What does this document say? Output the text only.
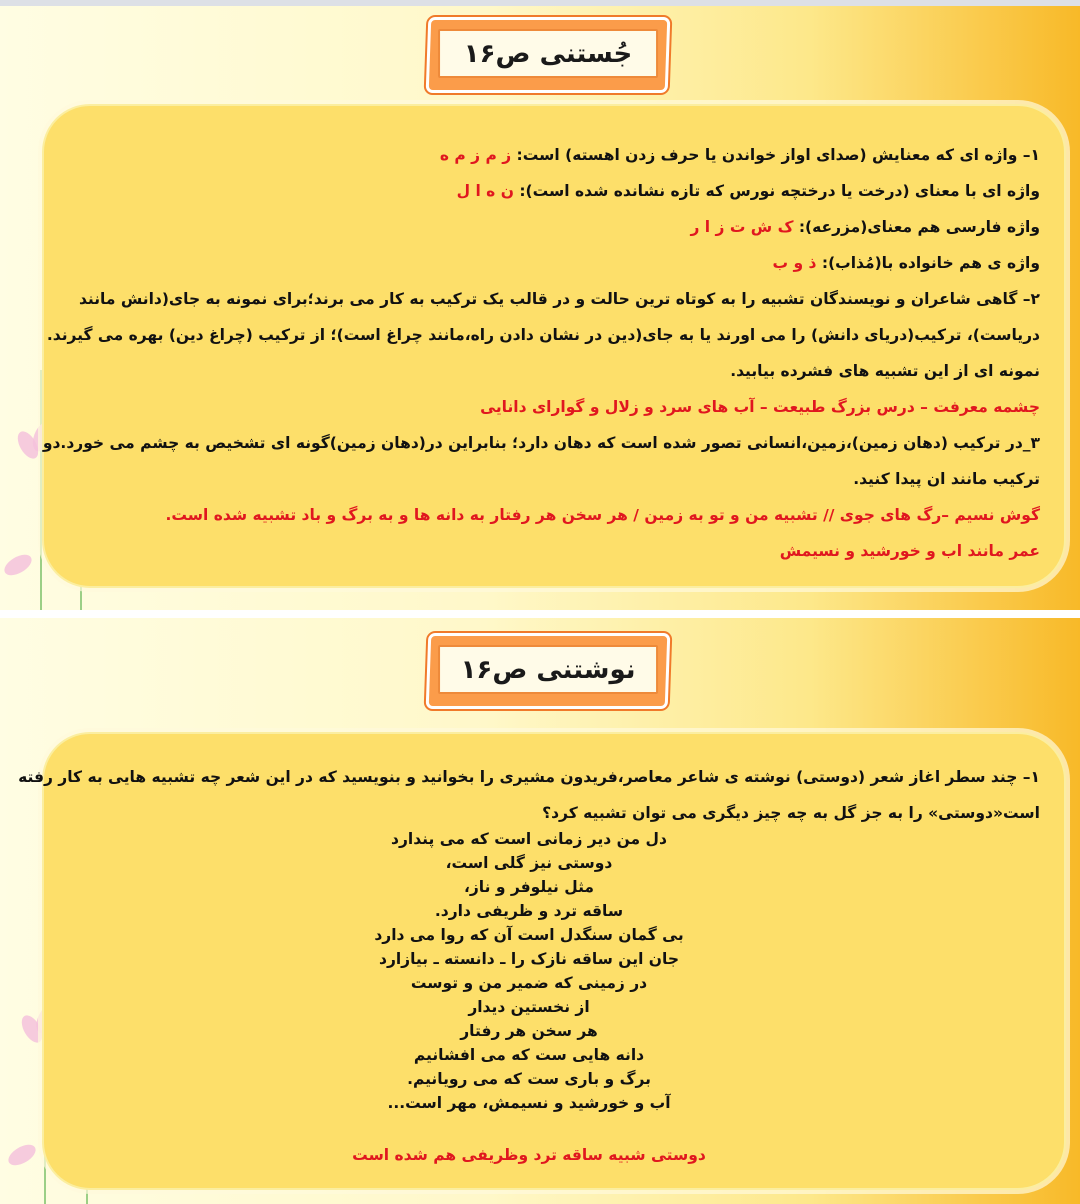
جُستنی ص۱۶
۱– واژه ای که معنایش (صدای اواز خواندن یا حرف زدن اهسته) است: ز م ز م ه
واژه ای با معنای (درخت یا درختچه نورس که تازه نشانده شده است): ن ه ا ل
واژه فارسی هم معنای(مزرعه): ک ش ت ز ا ر
واژه ی هم خانواده با(مُذاب): ذ و ب
۲– گاهی شاعران و نویسندگان تشبیه را به کوتاه ترین حالت و در قالب یک ترکیب به کار می برند؛برای نمونه به جای(دانش مانند
دریاست)، ترکیب(دریای دانش) را می اورند یا به جای(دین در نشان دادن راه،مانند چراغ است)؛ از ترکیب (چراغ دین) بهره می گیرند.
نمونه ای از این تشبیه های فشرده بیابید.
چشمه معرفت – درس بزرگ طبیعت – آب های سرد و زلال و گوارای دانایی
۳_در ترکیب (دهان زمین)،زمین،انسانی تصور شده است که دهان دارد؛ بنابراین در(دهان زمین)گونه ای تشخیص به چشم می خورد.دو
ترکیب مانند ان پیدا کنید.
گوش نسیم –رگ های جوی // تشبیه من و تو به زمین / هر سخن هر رفتار به دانه ها و به برگ و باد تشبیه شده است.
عمر مانند اب و خورشید و نسیمش
نوشتنی ص۱۶
۱– چند سطر اغاز شعر (دوستی) نوشته ی شاعر معاصر،فریدون مشیری را بخوانید و بنویسید که در این شعر چه تشبیه هایی به کار رفته
است«دوستی» را به جز گل به چه چیز دیگری می توان تشبیه کرد؟
دل من دیر زمانی است که می پندارد
دوستی نیز گلی است،
مثل نیلوفر و ناز،
ساقه ترد و ظریفی دارد.
بی گمان سنگدل است آن که روا می دارد
جان این ساقه نازک را ـ دانسته ـ بیازارد
در زمینی که ضمیر من و توست
از نخستین دیدار
هر سخن هر رفتار
دانه هایی ست که می افشانیم
برگ و باری ست که می رویانیم.
آب و خورشید و نسیمش، مهر است...
دوستی شبیه ساقه ترد وظریفی هم شده است
